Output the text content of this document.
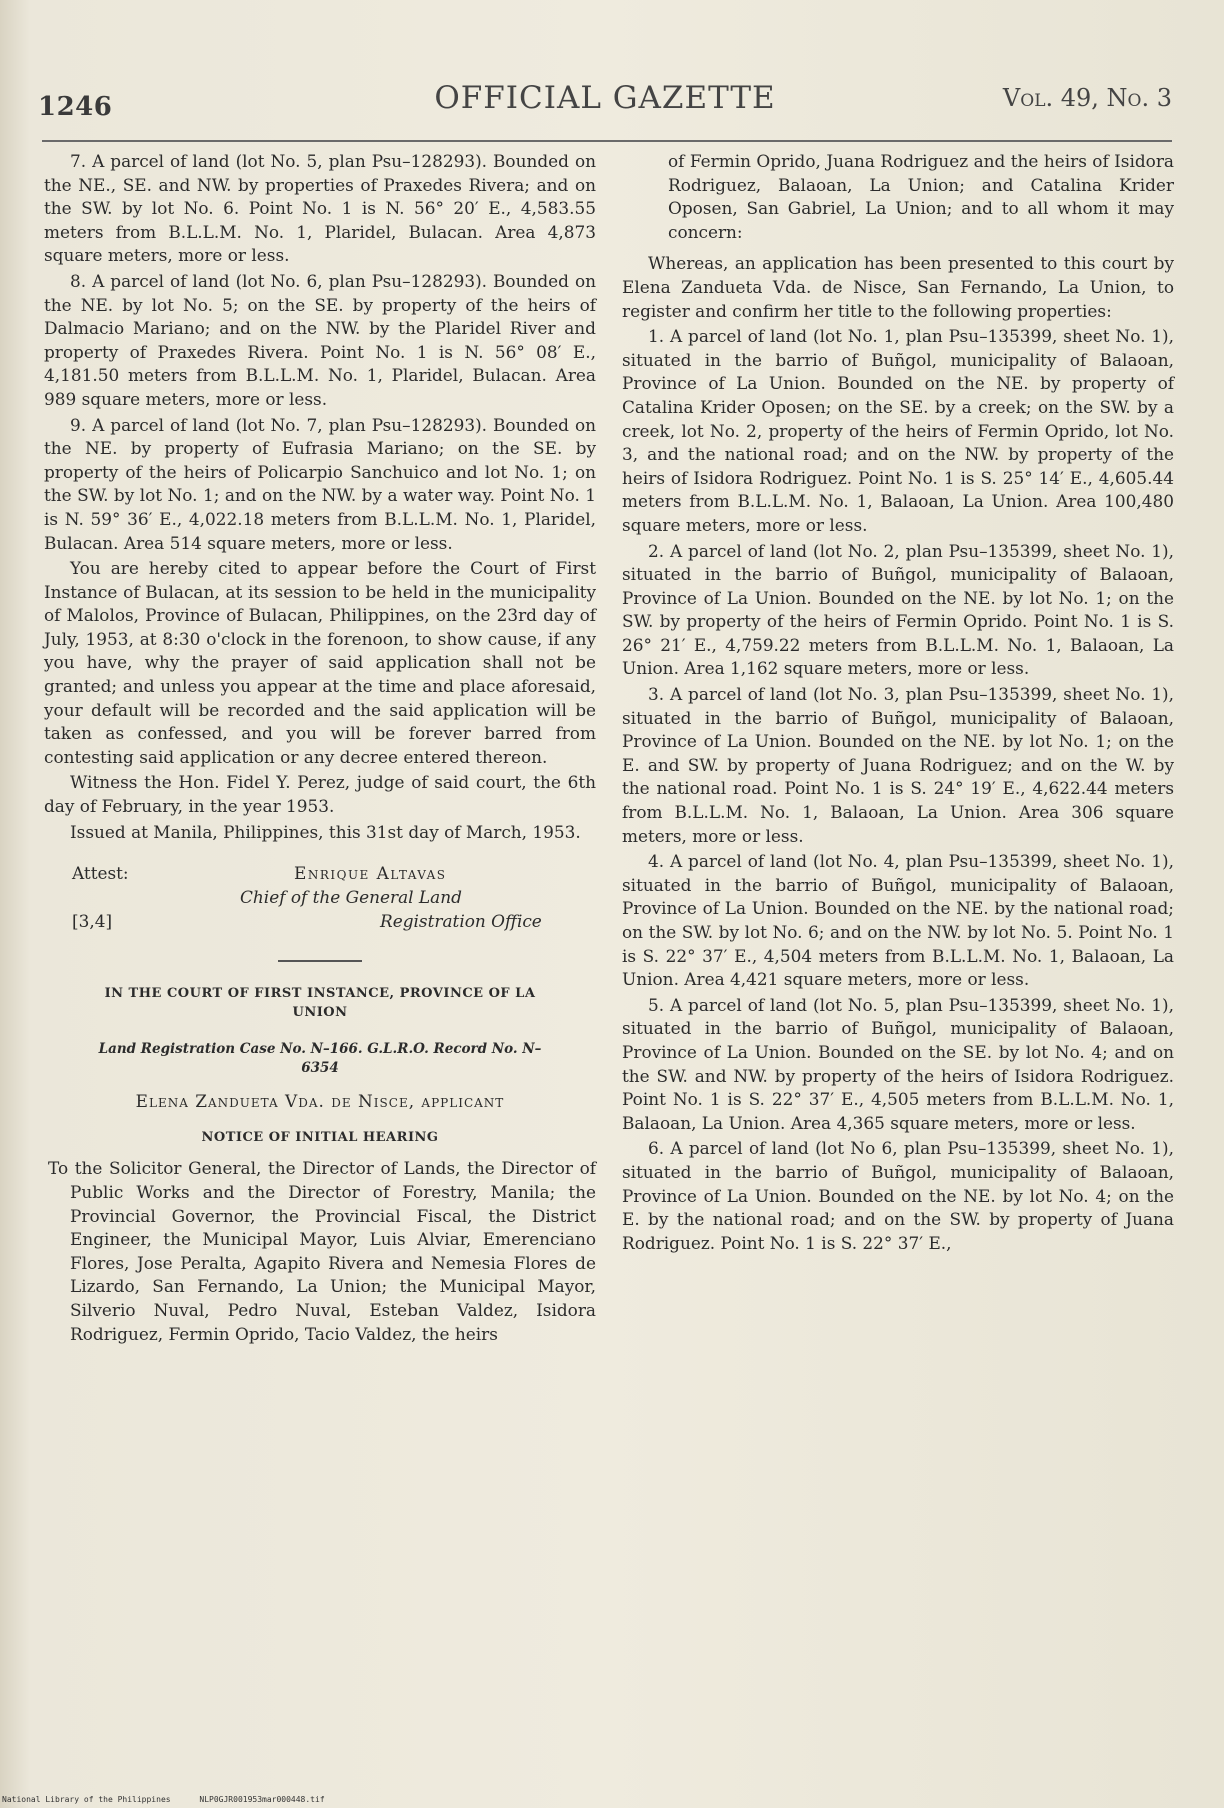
1246	OFFICIAL GAZETTE	Vol. 49, No. 3

7. A parcel of land (lot No. 5, plan Psu–128293). Bounded on the NE., SE. and NW. by properties of Praxedes Rivera; and on the SW. by lot No. 6. Point No. 1 is N. 56° 20′ E., 4,583.55 meters from B.L.L.M. No. 1, Plaridel, Bulacan. Area 4,873 square meters, more or less.

8. A parcel of land (lot No. 6, plan Psu–128293). Bounded on the NE. by lot No. 5; on the SE. by property of the heirs of Dalmacio Mariano; and on the NW. by the Plaridel River and property of Praxedes Rivera. Point No. 1 is N. 56° 08′ E., 4,181.50 meters from B.L.L.M. No. 1, Plaridel, Bulacan. Area 989 square meters, more or less.

9. A parcel of land (lot No. 7, plan Psu–128293). Bounded on the NE. by property of Eufrasia Mariano; on the SE. by property of the heirs of Policarpio Sanchuico and lot No. 1; on the SW. by lot No. 1; and on the NW. by a water way. Point No. 1 is N. 59° 36′ E., 4,022.18 meters from B.L.L.M. No. 1, Plaridel, Bulacan. Area 514 square meters, more or less.

You are hereby cited to appear before the Court of First Instance of Bulacan, at its session to be held in the municipality of Malolos, Province of Bulacan, Philippines, on the 23rd day of July, 1953, at 8:30 o'clock in the forenoon, to show cause, if any you have, why the prayer of said application shall not be granted; and unless you appear at the time and place aforesaid, your default will be recorded and the said application will be taken as confessed, and you will be forever barred from contesting said application or any decree entered thereon.

Witness the Hon. Fidel Y. Perez, judge of said court, the 6th day of February, in the year 1953.

Issued at Manila, Philippines, this 31st day of March, 1953.

Attest:	Enrique Altavas
Chief of the General Land
Registration Office
[3,4]
IN THE COURT OF FIRST INSTANCE, PROVINCE OF LA UNION
Land Registration Case No. N–166. G.L.R.O. Record No. N–6354
Elena Zandueta Vda. de Nisce, applicant
NOTICE OF INITIAL HEARING

To the Solicitor General, the Director of Lands, the Director of Public Works and the Director of Forestry, Manila; the Provincial Governor, the Provincial Fiscal, the District Engineer, the Municipal Mayor, Luis Alviar, Emerenciano Flores, Jose Peralta, Agapito Rivera and Nemesia Flores de Lizardo, San Fernando, La Union; the Municipal Mayor, Silverio Nuval, Pedro Nuval, Esteban Valdez, Isidora Rodriguez, Fermin Oprido, Tacio Valdez, the heirs

of Fermin Oprido, Juana Rodriguez and the heirs of Isidora Rodriguez, Balaoan, La Union; and Catalina Krider Oposen, San Gabriel, La Union; and to all whom it may concern:

Whereas, an application has been presented to this court by Elena Zandueta Vda. de Nisce, San Fernando, La Union, to register and confirm her title to the following properties:

1. A parcel of land (lot No. 1, plan Psu–135399, sheet No. 1), situated in the barrio of Buñgol, municipality of Balaoan, Province of La Union. Bounded on the NE. by property of Catalina Krider Oposen; on the SE. by a creek; on the SW. by a creek, lot No. 2, property of the heirs of Fermin Oprido, lot No. 3, and the national road; and on the NW. by property of the heirs of Isidora Rodriguez. Point No. 1 is S. 25° 14′ E., 4,605.44 meters from B.L.L.M. No. 1, Balaoan, La Union. Area 100,480 square meters, more or less.

2. A parcel of land (lot No. 2, plan Psu–135399, sheet No. 1), situated in the barrio of Buñgol, municipality of Balaoan, Province of La Union. Bounded on the NE. by lot No. 1; on the SW. by property of the heirs of Fermin Oprido. Point No. 1 is S. 26° 21′ E., 4,759.22 meters from B.L.L.M. No. 1, Balaoan, La Union. Area 1,162 square meters, more or less.

3. A parcel of land (lot No. 3, plan Psu–135399, sheet No. 1), situated in the barrio of Buñgol, municipality of Balaoan, Province of La Union. Bounded on the NE. by lot No. 1; on the E. and SW. by property of Juana Rodriguez; and on the W. by the national road. Point No. 1 is S. 24° 19′ E., 4,622.44 meters from B.L.L.M. No. 1, Balaoan, La Union. Area 306 square meters, more or less.

4. A parcel of land (lot No. 4, plan Psu–135399, sheet No. 1), situated in the barrio of Buñgol, municipality of Balaoan, Province of La Union. Bounded on the NE. by the national road; on the SW. by lot No. 6; and on the NW. by lot No. 5. Point No. 1 is S. 22° 37′ E., 4,504 meters from B.L.L.M. No. 1, Balaoan, La Union. Area 4,421 square meters, more or less.

5. A parcel of land (lot No. 5, plan Psu–135399, sheet No. 1), situated in the barrio of Buñgol, municipality of Balaoan, Province of La Union. Bounded on the SE. by lot No. 4; and on the SW. and NW. by property of the heirs of Isidora Rodriguez. Point No. 1 is S. 22° 37′ E., 4,505 meters from B.L.L.M. No. 1, Balaoan, La Union. Area 4,365 square meters, more or less.

6. A parcel of land (lot No 6, plan Psu–135399, sheet No. 1), situated in the barrio of Buñgol, municipality of Balaoan, Province of La Union. Bounded on the NE. by lot No. 4; on the E. by the national road; and on the SW. by property of Juana Rodriguez. Point No. 1 is S. 22° 37′ E.,

National Library of the Philippines	NLP0GJR001953mar000448.tif
